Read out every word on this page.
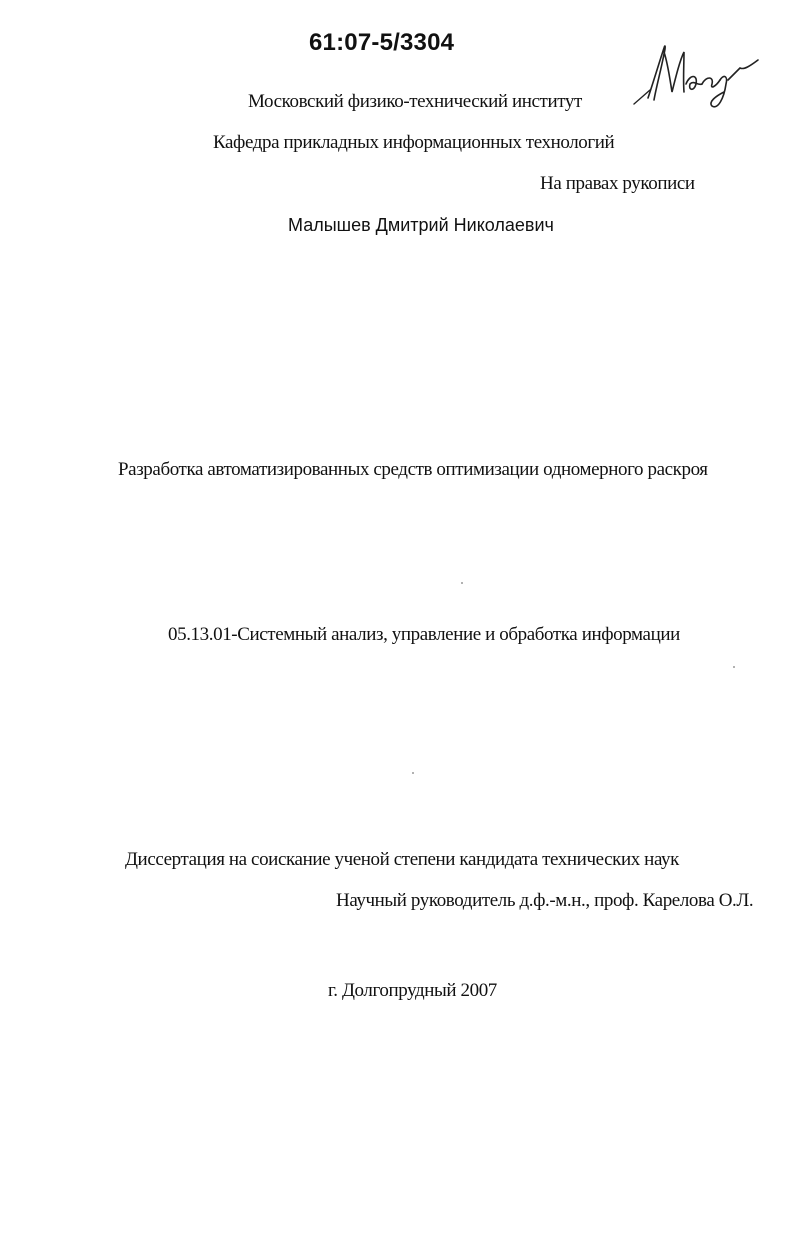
61:07-5/3304
Московский физико-технический институт
Кафедра прикладных информационных технологий
На правах рукописи
Малышев Дмитрий Николаевич
Разработка автоматизированных средств оптимизации одномерного раскроя
05.13.01-Системный анализ, управление и обработка информации
Диссертация на соискание ученой степени кандидата технических наук
Научный руководитель д.ф.-м.н., проф. Карелова О.Л.
г. Долгопрудный 2007
